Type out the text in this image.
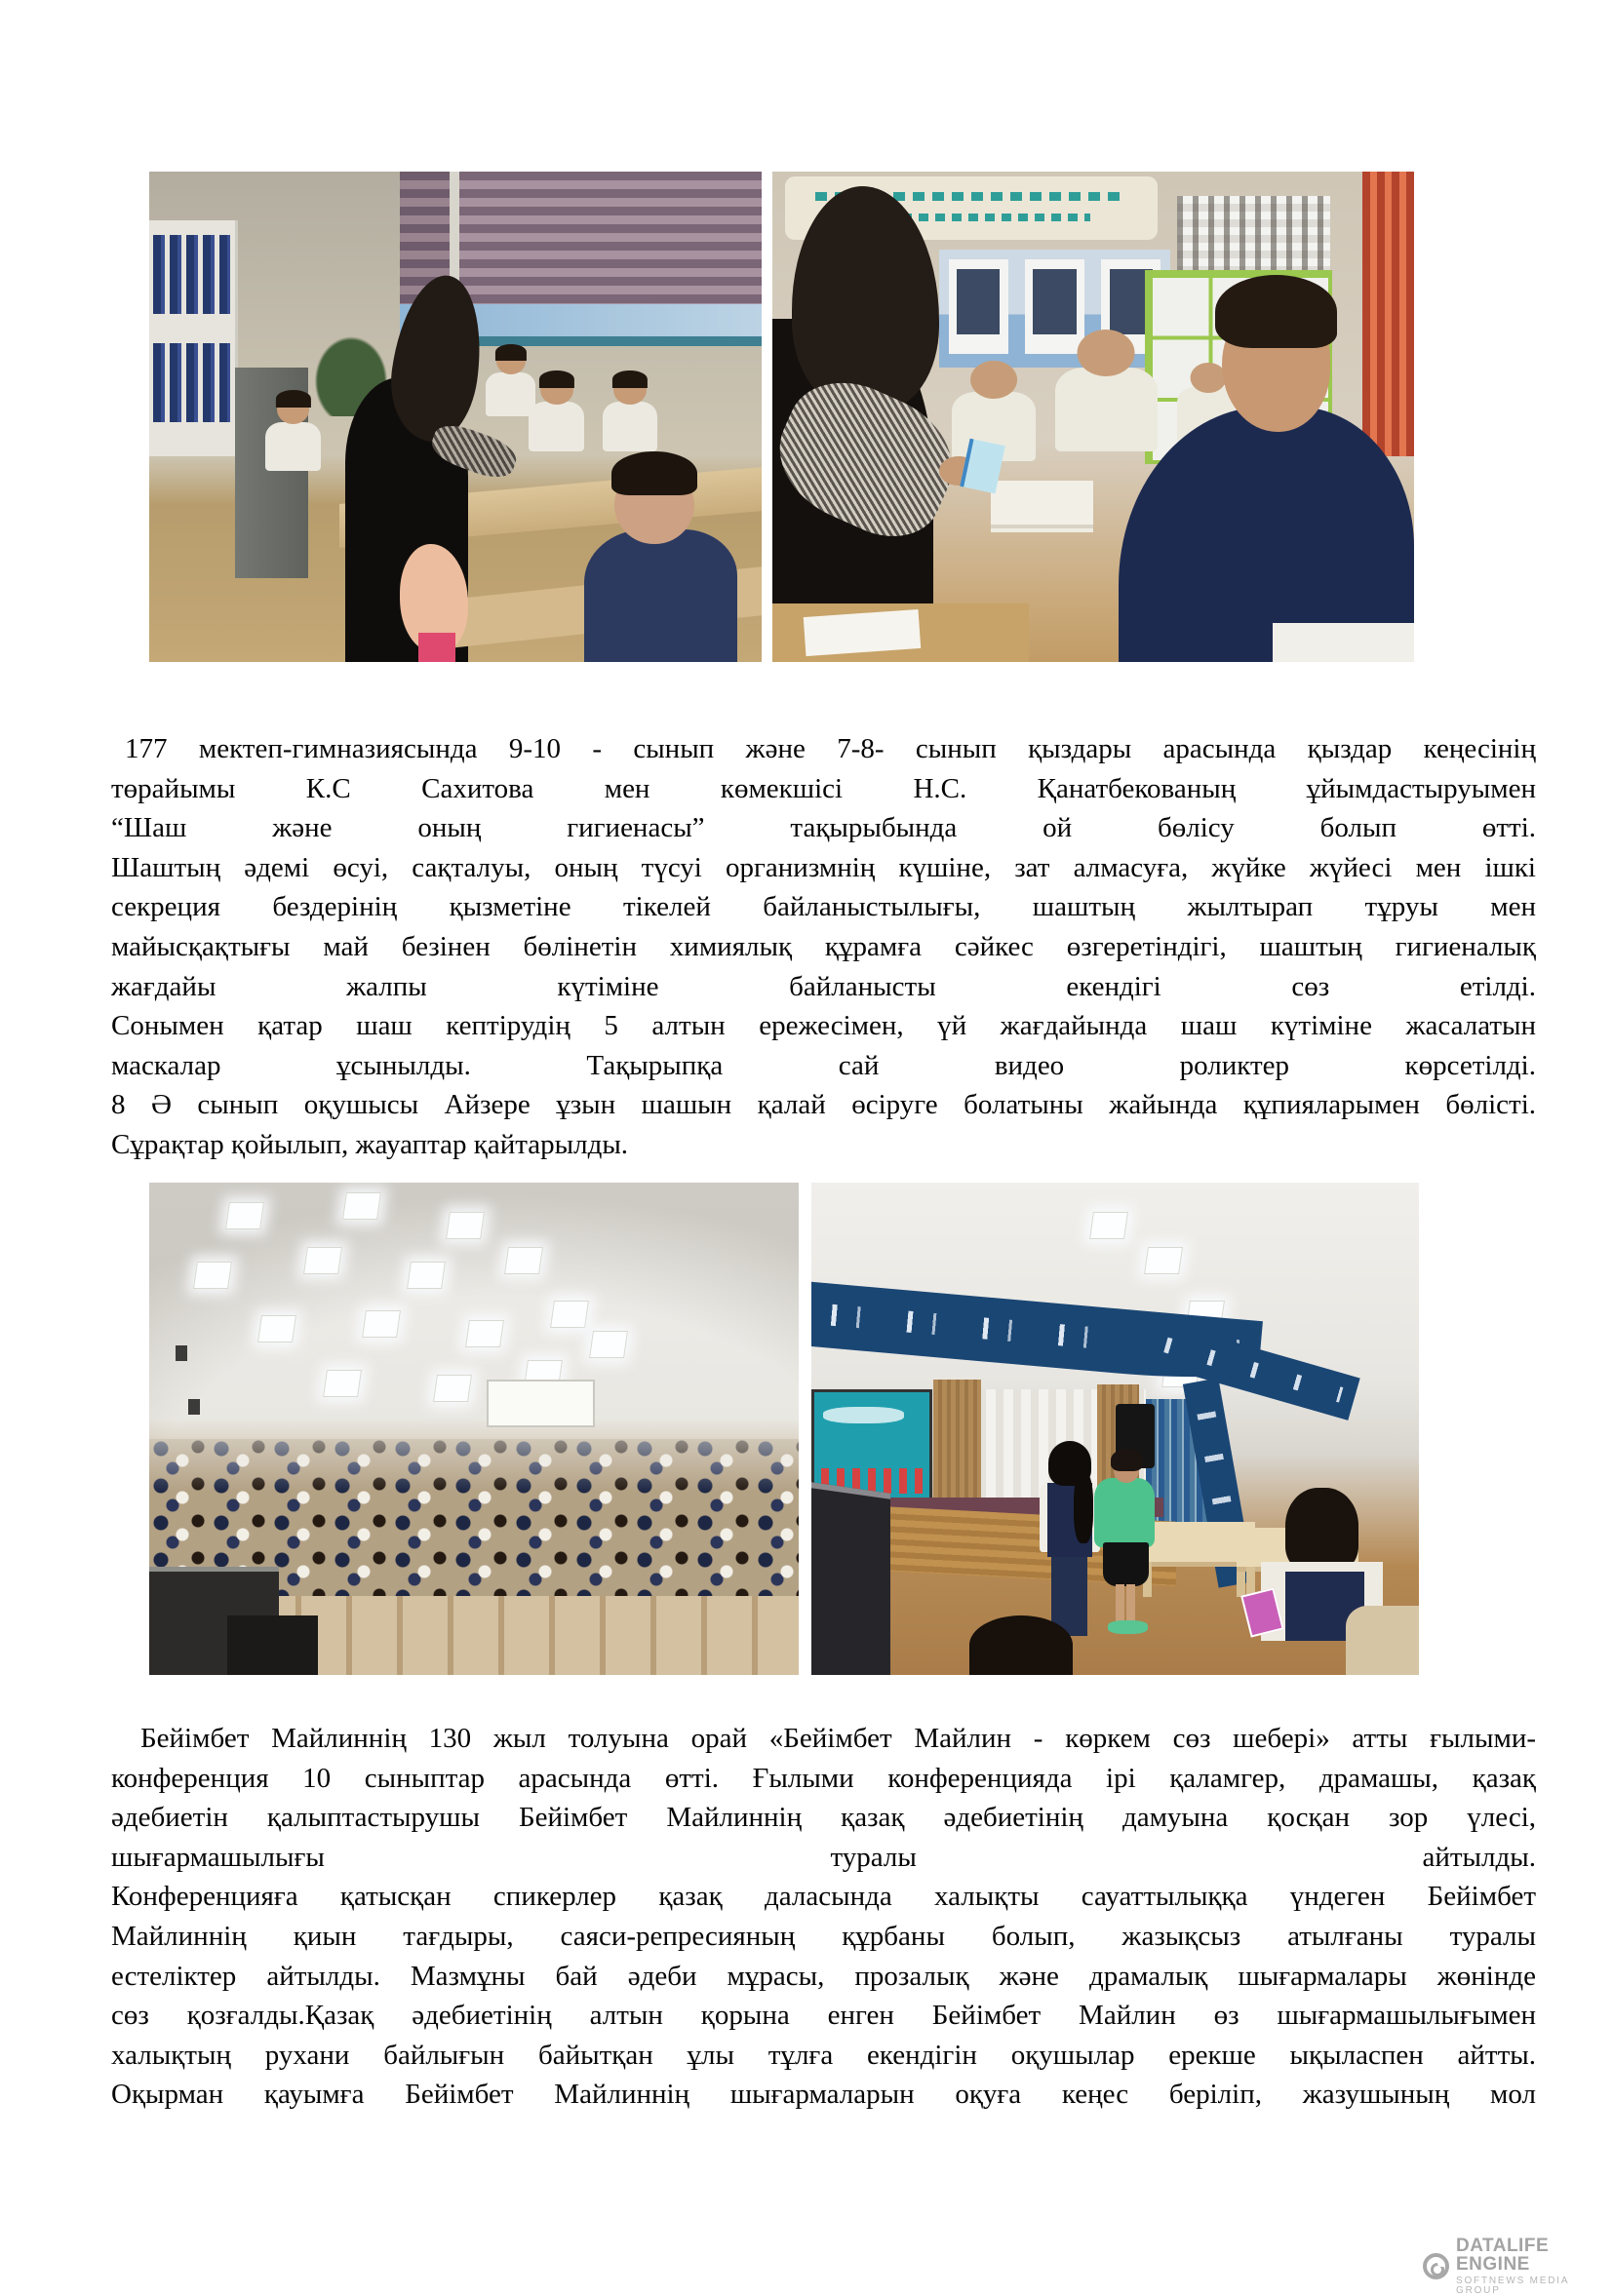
177 мектеп-гимназиясында 9-10 - сынып және 7-8- сынып қыздары арасында қыздар кеңесінің

төрайымы К.С Сахитова мен көмекшісі Н.С. Қанатбекованың ұйымдастыруымен

“Шаш және оның гигиенасы” тақырыбында ой бөлісу болып өтті.

Шаштың әдемі өсуі, сақталуы, оның түсуі организмнің күшіне, зат алмасуға, жүйке жүйесі мен ішкі

секреция бездерінің қызметіне тікелей байланыстылығы, шаштың жылтырап тұруы мен

майысқақтығы май безінен бөлінетін химиялық құрамға сәйкес өзгеретіндігі, шаштың гигиеналық

жағдайы жалпы күтіміне байланысты екендігі сөз етілді.

Сонымен қатар шаш кептірудің 5 алтын ережесімен, үй жағдайында шаш күтіміне жасалатын

маскалар ұсынылды. Тақырыпқа сай видео роликтер көрсетілді.

8 Ә сынып оқушысы Айзере ұзын шашын қалай өсіруге болатыны жайында құпияларымен бөлісті.

Сұрақтар қойылып, жауаптар қайтарылды.

Бейімбет Майлиннің 130 жыл толуына орай «Бейімбет Майлин - көркем сөз шебері» атты ғылыми-

конференция 10 сыныптар арасында өтті. Ғылыми конференцияда ірі қаламгер, драмашы, қазақ

әдебиетін қалыптастырушы Бейімбет Майлиннің қазақ әдебиетінің дамуына қосқан зор үлесі,

шығармашылығы туралы айтылды.

Конференцияға қатысқан спикерлер қазақ даласында халықты сауаттылыққа үндеген Бейімбет

Майлиннің қиын тағдыры, саяси-репресияның құрбаны болып, жазықсыз атылғаны туралы

естеліктер айтылды. Мазмұны бай әдеби мұрасы, прозалық және драмалық шығармалары жөнінде

сөз қозғалды.Қазақ әдебиетінің алтын қорына енген Бейімбет Майлин өз шығармашылығымен

халықтың рухани байлығын байытқан ұлы тұлға екендігін оқушылар ерекше ықыласпен айтты.

Оқырман қауымға Бейімбет Майлиннің шығармаларын оқуға кеңес беріліп, жазушының мол

DATALIFE ENGINE
SOFTNEWS MEDIA GROUP
